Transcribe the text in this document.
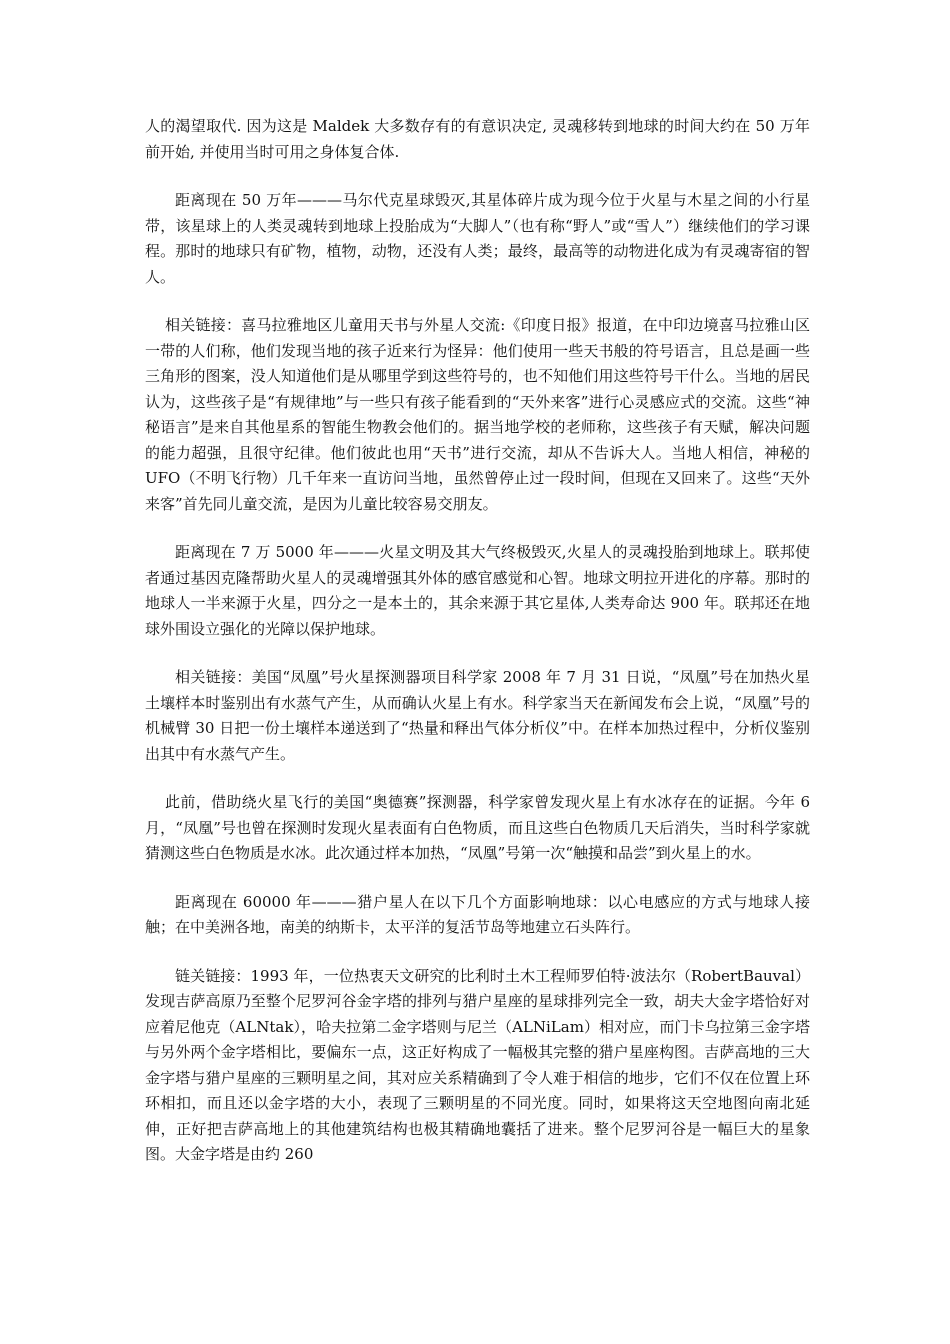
人的渴望取代. 因为这是 Maldek 大多数存有的有意识决定, 灵魂移转到地球的时间大约在 50 万年前开始, 并使用当时可用之身体复合体.

距离现在 50 万年———马尔代克星球毁灭,其星体碎片成为现今位于火星与木星之间的小行星带，该星球上的人类灵魂转到地球上投胎成为“大脚人”（也有称“野人”或“雪人”）继续他们的学习课程。那时的地球只有矿物，植物，动物，还没有人类；最终，最高等的动物进化成为有灵魂寄宿的智人。

相关链接：喜马拉雅地区儿童用天书与外星人交流:《印度日报》报道，在中印边境喜马拉雅山区一带的人们称，他们发现当地的孩子近来行为怪异：他们使用一些天书般的符号语言，且总是画一些三角形的图案，没人知道他们是从哪里学到这些符号的，也不知他们用这些符号干什么。当地的居民认为，这些孩子是“有规律地”与一些只有孩子能看到的“天外来客”进行心灵感应式的交流。这些“神秘语言”是来自其他星系的智能生物教会他们的。据当地学校的老师称，这些孩子有天赋，解决问题的能力超强，且很守纪律。他们彼此也用“天书”进行交流，却从不告诉大人。当地人相信，神秘的 UFO（不明飞行物）几千年来一直访问当地，虽然曾停止过一段时间，但现在又回来了。这些“天外来客”首先同儿童交流，是因为儿童比较容易交朋友。

距离现在 7 万 5000 年———火星文明及其大气终极毁灭,火星人的灵魂投胎到地球上。联邦使者通过基因克隆帮助火星人的灵魂增强其外体的感官感觉和心智。地球文明拉开进化的序幕。那时的地球人一半来源于火星，四分之一是本土的，其余来源于其它星体,人类寿命达 900 年。联邦还在地球外围设立强化的光障以保护地球。

相关链接：美国“凤凰”号火星探测器项目科学家 2008 年 7 月 31 日说，“凤凰”号在加热火星土壤样本时鉴别出有水蒸气产生，从而确认火星上有水。科学家当天在新闻发布会上说，“凤凰”号的机械臂 30 日把一份土壤样本递送到了“热量和释出气体分析仪”中。在样本加热过程中，分析仪鉴别出其中有水蒸气产生。

此前，借助绕火星飞行的美国“奥德赛”探测器，科学家曾发现火星上有水冰存在的证据。今年 6 月，“凤凰”号也曾在探测时发现火星表面有白色物质，而且这些白色物质几天后消失，当时科学家就猜测这些白色物质是水冰。此次通过样本加热，“凤凰”号第一次“触摸和品尝”到火星上的水。

距离现在 60000 年———猎户星人在以下几个方面影响地球：以心电感应的方式与地球人接触；在中美洲各地，南美的纳斯卡，太平洋的复活节岛等地建立石头阵行。

链关链接：1993 年，一位热衷天文研究的比利时土木工程师罗伯特·波法尔（RobertBauval）发现吉萨高原乃至整个尼罗河谷金字塔的排列与猎户星座的星球排列完全一致，胡夫大金字塔恰好对应着尼他克（ALNtak），哈夫拉第二金字塔则与尼兰（ALNiLam）相对应，而门卡乌拉第三金字塔与另外两个金字塔相比，要偏东一点，这正好构成了一幅极其完整的猎户星座构图。吉萨高地的三大金字塔与猎户星座的三颗明星之间，其对应关系精确到了令人难于相信的地步，它们不仅在位置上环环相扣，而且还以金字塔的大小，表现了三颗明星的不同光度。同时，如果将这天空地图向南北延伸，正好把吉萨高地上的其他建筑结构也极其精确地囊括了进来。整个尼罗河谷是一幅巨大的星象图。大金字塔是由约 260
